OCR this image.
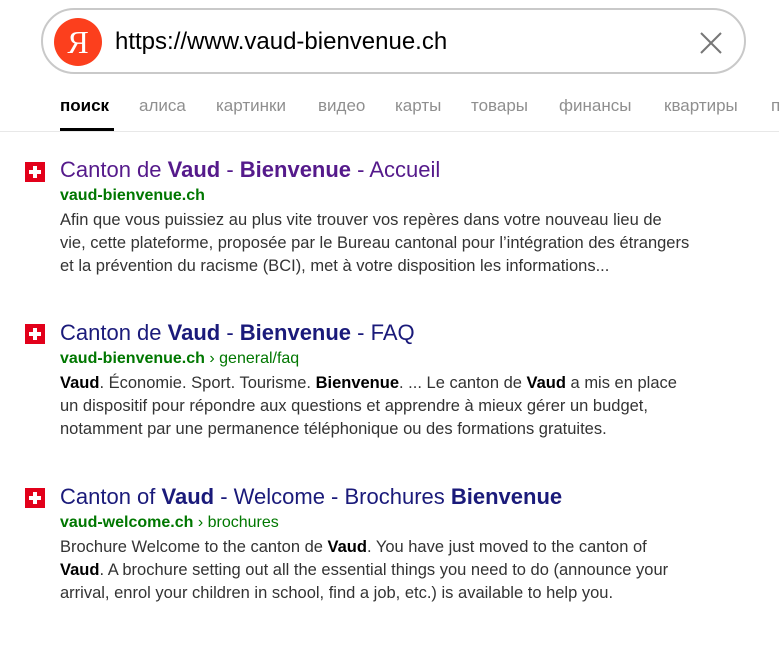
Я
https://www.vaud-bienvenue.ch
поиск алиса картинки видео карты товары финансы квартиры п
Canton de Vaud - Bienvenue - Accueil
vaud-bienvenue.ch
Afin que vous puissiez au plus vite trouver vos repères dans votre nouveau lieu de
vie, cette plateforme, proposée par le Bureau cantonal pour l’intégration des étrangers
et la prévention du racisme (BCI), met à votre disposition les informations...
Canton de Vaud - Bienvenue - FAQ
vaud-bienvenue.ch › general/faq
Vaud. Économie. Sport. Tourisme. Bienvenue. ... Le canton de Vaud a mis en place
un dispositif pour répondre aux questions et apprendre à mieux gérer un budget,
notamment par une permanence téléphonique ou des formations gratuites.
Canton of Vaud - Welcome - Brochures Bienvenue
vaud-welcome.ch › brochures
Brochure Welcome to the canton de Vaud. You have just moved to the canton of
Vaud. A brochure setting out all the essential things you need to do (announce your
arrival, enrol your children in school, find a job, etc.) is available to help you.
